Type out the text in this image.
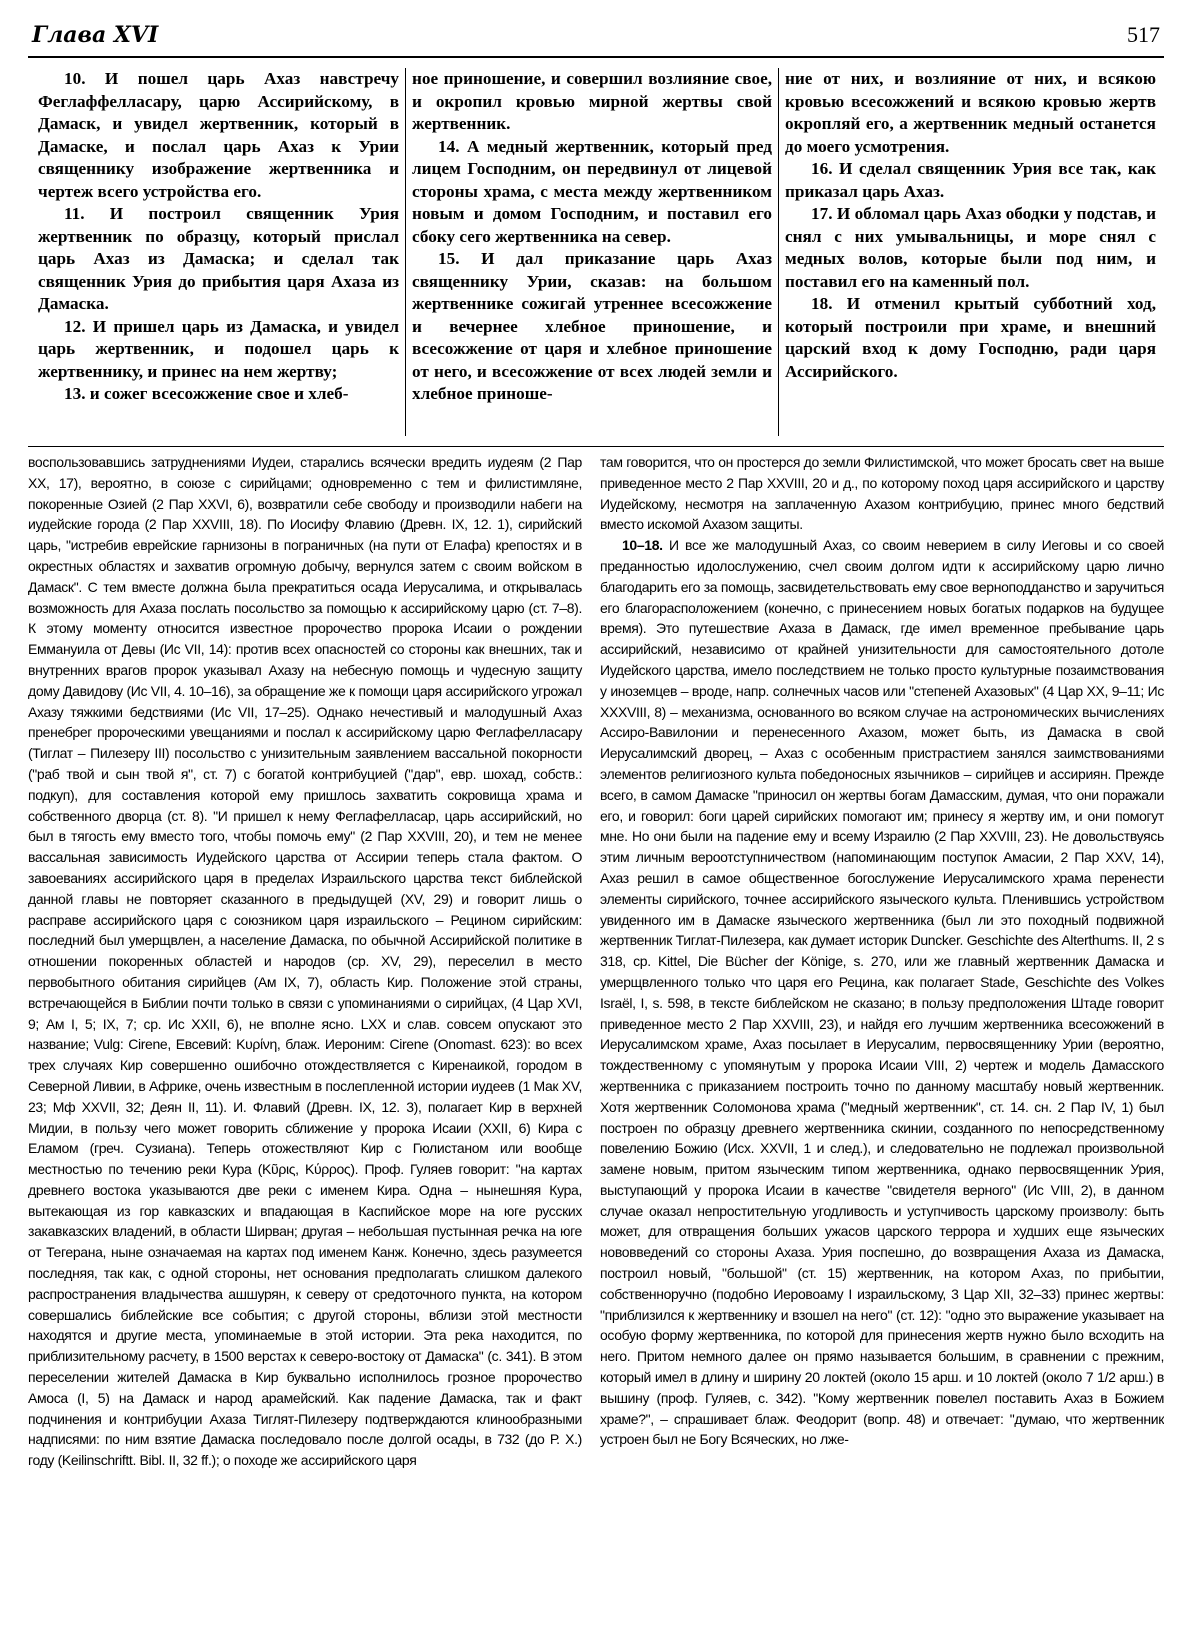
Глава XVI	517

10. И пошел царь Ахаз навстречу Феглаффелласару, царю Ассирийскому, в Дамаск, и увидел жертвенник, который в Дамаске, и послал царь Ахаз к Урии священнику изображение жертвенника и чертеж всего устройства его.

11. И построил священник Урия жертвенник по образцу, который прислал царь Ахаз из Дамаска; и сделал так священник Урия до прибытия царя Ахаза из Дамаска.

12. И пришел царь из Дамаска, и увидел царь жертвенник, и подошел царь к жертвеннику, и принес на нем жертву;

13. и сожег всесожжение свое и хлеб-

ное приношение, и совершил возлияние свое, и окропил кровью мирной жертвы свой жертвенник.

14. А медный жертвенник, который пред лицем Господним, он передвинул от лицевой стороны храма, с места между жертвенником новым и домом Господним, и поставил его сбоку сего жертвенника на север.

15. И дал приказание царь Ахаз священнику Урии, сказав: на большом жертвеннике сожигай утреннее всесожжение и вечернее хлебное приношение, и всесожжение от царя и хлебное приношение от него, и всесожжение от всех людей земли и хлебное приноше-

ние от них, и возлияние от них, и всякою кровью всесожжений и всякою кровью жертв окропляй его, а жертвенник медный останется до моего усмотрения.

16. И сделал священник Урия все так, как приказал царь Ахаз.

17. И обломал царь Ахаз ободки у подстав, и снял с них умывальницы, и море снял с медных волов, которые были под ним, и поставил его на каменный пол.

18. И отменил крытый субботний ход, который построили при храме, и внешний царский вход к дому Господню, ради царя Ассирийского.

воспользовавшись затруднениями Иудеи, старались всячески вредить иудеям (2 Пар XX, 17), вероятно, в союзе с сирийцами; одновременно с тем и филистимляне, покоренные Озией (2 Пар XXVI, 6), возвратили себе свободу и производили набеги на иудейские города (2 Пар XXVIII, 18). По Иосифу Флавию (Древн. IX, 12. 1), сирийский царь, "истребив еврейские гарнизоны в пограничных (на пути от Елафа) крепостях и в окрестных областях и захватив огромную добычу, вернулся затем с своим войском в Дамаск". С тем вместе должна была прекратиться осада Иерусалима, и открывалась возможность для Ахаза послать посольство за помощью к ассирийскому царю (ст. 7–8). К этому моменту относится известное пророчество пророка Исаии о рождении Еммануила от Девы (Ис VII, 14): против всех опасностей со стороны как внешних, так и внутренних врагов пророк указывал Ахазу на небесную помощь и чудесную защиту дому Давидову (Ис VII, 4. 10–16), за обращение же к помощи царя ассирийского угрожал Ахазу тяжкими бедствиями (Ис VII, 17–25). Однако нечестивый и малодушный Ахаз пренебрег пророческими увещаниями и послал к ассирийскому царю Феглафелласару (Тиглат – Пилезеру III) посольство с унизительным заявлением вассальной покорности ("раб твой и сын твой я", ст. 7) с богатой контрибуцией ("дар", евр. шохад, собств.: подкуп), для составления которой ему пришлось захватить сокровища храма и собственного дворца (ст. 8). "И пришел к нему Феглафелласар, царь ассирийский, но был в тягость ему вместо того, чтобы помочь ему" (2 Пар XXVIII, 20), и тем не менее вассальная зависимость Иудейского царства от Ассирии теперь стала фактом. О завоеваниях ассирийского царя в пределах Израильского царства текст библейской данной главы не повторяет сказанного в предыдущей (XV, 29) и говорит лишь о расправе ассирийского царя с союзником царя израильского – Рецином сирийским: последний был умерщвлен, а население Дамаска, по обычной Ассирийской политике в отношении покоренных областей и народов (ср. XV, 29), переселил в место первобытного обитания сирийцев (Ам IX, 7), область Кир. Положение этой страны, встречающейся в Библии почти только в связи с упоминаниями о сирийцах, (4 Цар XVI, 9; Ам I, 5; IX, 7; ср. Ис XXII, 6), не вполне ясно. LXX и слав. совсем опускают это название; Vulg: Cirene, Евсевий: Κυρίνη, блаж. Иероним: Cirene (Onomast. 623): во всех трех случаях Кир совершенно ошибочно отождествляется с Киренаикой, городом в Северной Ливии, в Африке, очень известным в послепленной истории иудеев (1 Мак XV, 23; Мф XXVII, 32; Деян II, 11). И. Флавий (Древн. IX, 12. 3), полагает Кир в верхней Мидии, в пользу чего может говорить сближение у пророка Исаии (XXII, 6) Кира с Еламом (греч. Сузиана). Теперь отожествляют Кир с Гюлистаном или вообще местностью по течению реки Кура (Κῦρις, Κύρρος). Проф. Гуляев говорит: "на картах древнего востока указываются две реки с именем Кира. Одна – нынешняя Кура, вытекающая из гор кавказских и впадающая в Каспийское море на юге русских закавказских владений, в области Ширван; другая – небольшая пустынная речка на юге от Тегерана, ныне означаемая на картах под именем Канж. Конечно, здесь разумеется последняя, так как, с одной стороны, нет основания предполагать слишком далекого распространения владычества ашшурян, к северу от средоточного пункта, на котором совершались библейские все события; с другой стороны, вблизи этой местности находятся и другие места, упоминаемые в этой истории. Эта река находится, по приблизительному расчету, в 1500 верстах к северо-востоку от Дамаска" (с. 341). В этом переселении жителей Дамаска в Кир буквально исполнилось грозное пророчество Амоса (I, 5) на Дамаск и народ арамейский. Как падение Дамаска, так и факт подчинения и контрибуции Ахаза Тиглят-Пилезеру подтверждаются клинообразными надписями: по ним взятие Дамаска последовало после долгой осады, в 732 (до Р. Х.) году (Keilinschriftt. Bibl. II, 32 ff.); о походе же ассирийского царя

там говорится, что он простерся до земли Филистимской, что может бросать свет на выше приведенное место 2 Пар XXVIII, 20 и д., по которому поход царя ассирийского и царству Иудейскому, несмотря на заплаченную Ахазом контрибуцию, принес много бедствий вместо искомой Ахазом защиты.

10–18. И все же малодушный Ахаз, со своим неверием в силу Иеговы и со своей преданностью идолослужению, счел своим долгом идти к ассирийскому царю лично благодарить его за помощь, засвидетельствовать ему свое верноподданство и заручиться его благорасположением (конечно, с принесением новых богатых подарков на будущее время). Это путешествие Ахаза в Дамаск, где имел временное пребывание царь ассирийский, независимо от крайней унизительности для самостоятельного дотоле Иудейского царства, имело последствием не только просто культурные позаимствования у иноземцев – вроде, напр. солнечных часов или "степеней Ахазовых" (4 Цар XX, 9–11; Ис XXXVIII, 8) – механизма, основанного во всяком случае на астрономических вычислениях Ассиро-Вавилонии и перенесенного Ахазом, может быть, из Дамаска в свой Иерусалимский дворец, – Ахаз с особенным пристрастием занялся заимствованиями элементов религиозного культа победоносных язычников – сирийцев и ассириян. Прежде всего, в самом Дамаске "приносил он жертвы богам Дамасским, думая, что они поражали его, и говорил: боги царей сирийских помогают им; принесу я жертву им, и они помогут мне. Но они были на падение ему и всему Израилю (2 Пар XXVIII, 23). Не довольствуясь этим личным вероотступничеством (напоминающим поступок Амасии, 2 Пар XXV, 14), Ахаз решил в самое общественное богослужение Иерусалимского храма перенести элементы сирийского, точнее ассирийского языческого культа. Пленившись устройством увиденного им в Дамаске языческого жертвенника (был ли это походный подвижной жертвенник Тиглат-Пилезера, как думает историк Duncker. Geschichte des Alterthums. II, 2 s 318, ср. Kittel, Die Bücher der Könige, s. 270, или же главный жертвенник Дамаска и умерщвленного только что царя его Рецина, как полагает Stade, Geschichte des Volkes Israël, I, s. 598, в тексте библейском не сказано; в пользу предположения Штаде говорит приведенное место 2 Пар XXVIII, 23), и найдя его лучшим жертвенника всесожжений в Иерусалимском храме, Ахаз посылает в Иерусалим, первосвященнику Урии (вероятно, тождественному с упомянутым у пророка Исаии VIII, 2) чертеж и модель Дамасского жертвенника с приказанием построить точно по данному масштабу новый жертвенник. Хотя жертвенник Соломонова храма ("медный жертвенник", ст. 14. сн. 2 Пар IV, 1) был построен по образцу древнего жертвенника скинии, созданного по непосредственному повелению Божию (Исх. XXVII, 1 и след.), и следовательно не подлежал произвольной замене новым, притом языческим типом жертвенника, однако первосвященник Урия, выступающий у пророка Исаии в качестве "свидетеля верного" (Ис VIII, 2), в данном случае оказал непростительную угодливость и уступчивость царскому произволу: быть может, для отвращения больших ужасов царского террора и худших еще языческих нововведений со стороны Ахаза. Урия поспешно, до возвращения Ахаза из Дамаска, построил новый, "большой" (ст. 15) жертвенник, на котором Ахаз, по прибытии, собственноручно (подобно Иеровоаму I израильскому, 3 Цар XII, 32–33) принес жертвы: "приблизился к жертвеннику и взошел на него" (ст. 12): "одно это выражение указывает на особую форму жертвенника, по которой для принесения жертв нужно было всходить на него. Притом немного далее он прямо называется большим, в сравнении с прежним, который имел в длину и ширину 20 локтей (около 15 арш. и 10 локтей (около 7 1/2 арш.) в вышину (проф. Гуляев, с. 342). "Кому жертвенник повелел поставить Ахаз в Божием храме?", – спрашивает блаж. Феодорит (вопр. 48) и отвечает: "думаю, что жертвенник устроен был не Богу Всяческих, но лже-
